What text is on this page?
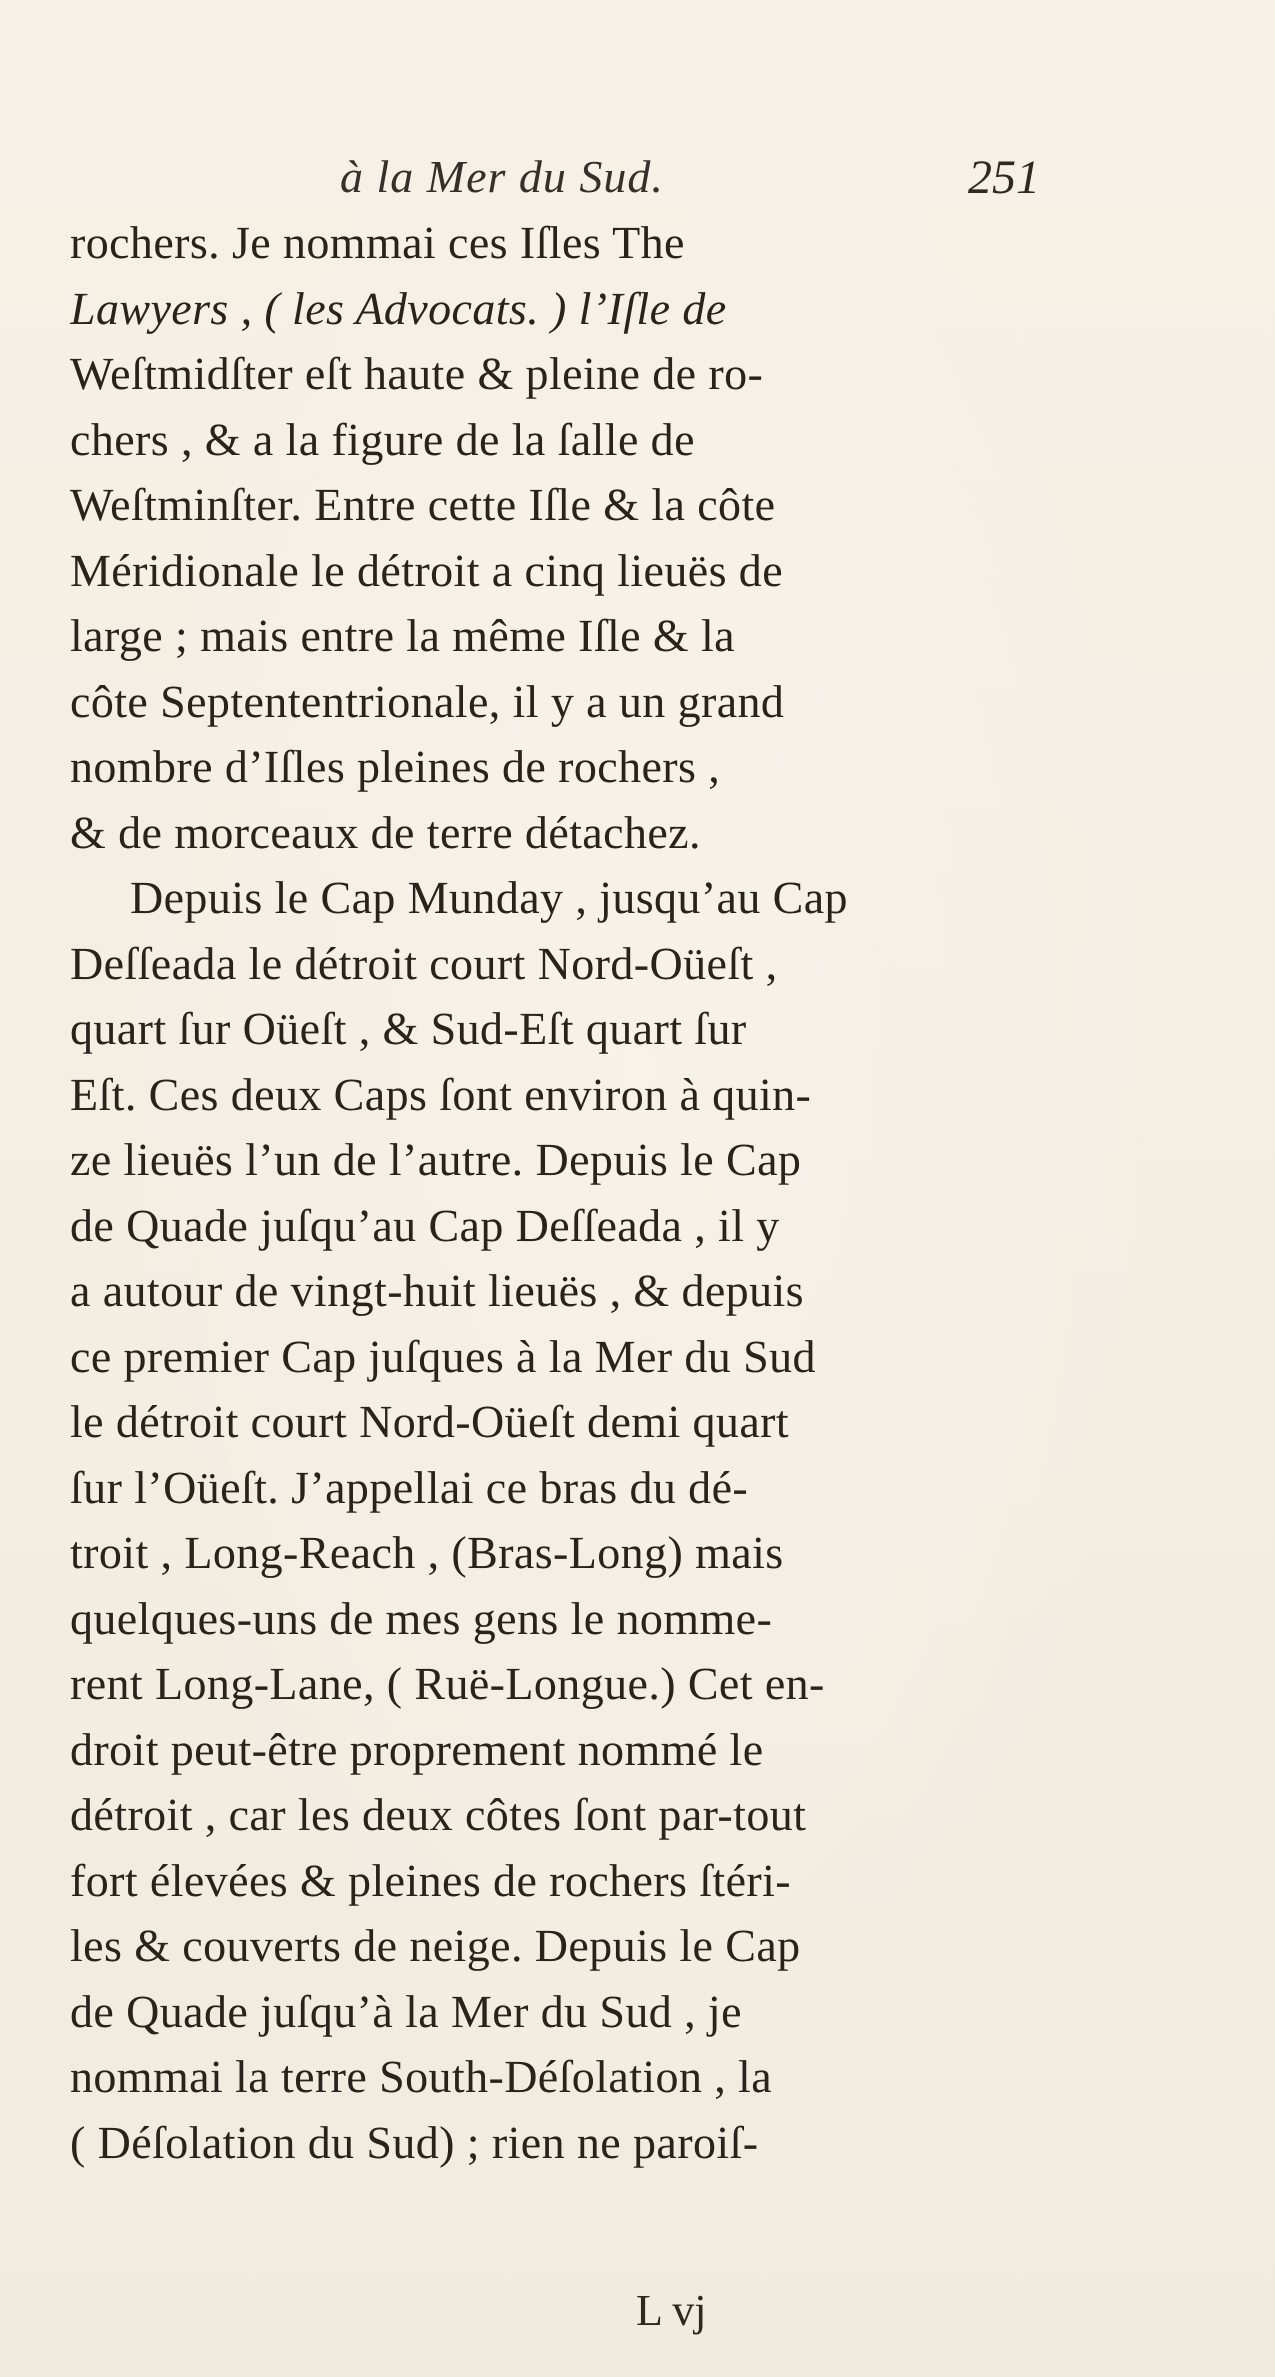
à la Mer du Sud.	251
rochers. Je nommai ces Iſles The
Lawyers , ( les Advocats. ) l’Iſle de
Weſtmidſter eſt haute & pleine de ro-
chers , & a la figure de la ſalle de
Weſtminſter. Entre cette Iſle & la côte
Méridionale le détroit a cinq lieuës de
large ; mais entre la même Iſle & la
côte Septententrionale, il y a un grand
nombre d’Iſles pleines de rochers ,
& de morceaux de terre détachez.
Depuis le Cap Munday , jusqu’au Cap
Deſſeada le détroit court Nord-Oüeſt ,
quart ſur Oüeſt , & Sud-Eſt quart ſur
Eſt. Ces deux Caps ſont environ à quin-
ze lieuës l’un de l’autre. Depuis le Cap
de Quade juſqu’au Cap Deſſeada , il y
a autour de vingt-huit lieuës , & depuis
ce premier Cap juſques à la Mer du Sud
le détroit court Nord-Oüeſt demi quart
ſur l’Oüeſt. J’appellai ce bras du dé-
troit , Long-Reach , (Bras-Long) mais
quelques-uns de mes gens le nomme-
rent Long-Lane, ( Ruë-Longue.) Cet en-
droit peut-être proprement nommé le
détroit , car les deux côtes ſont par-tout
fort élevées & pleines de rochers ſtéri-
les & couverts de neige. Depuis le Cap
de Quade juſqu’à la Mer du Sud , je
nommai la terre South-Déſolation , la
( Déſolation du Sud) ; rien ne paroiſ-
L vj
